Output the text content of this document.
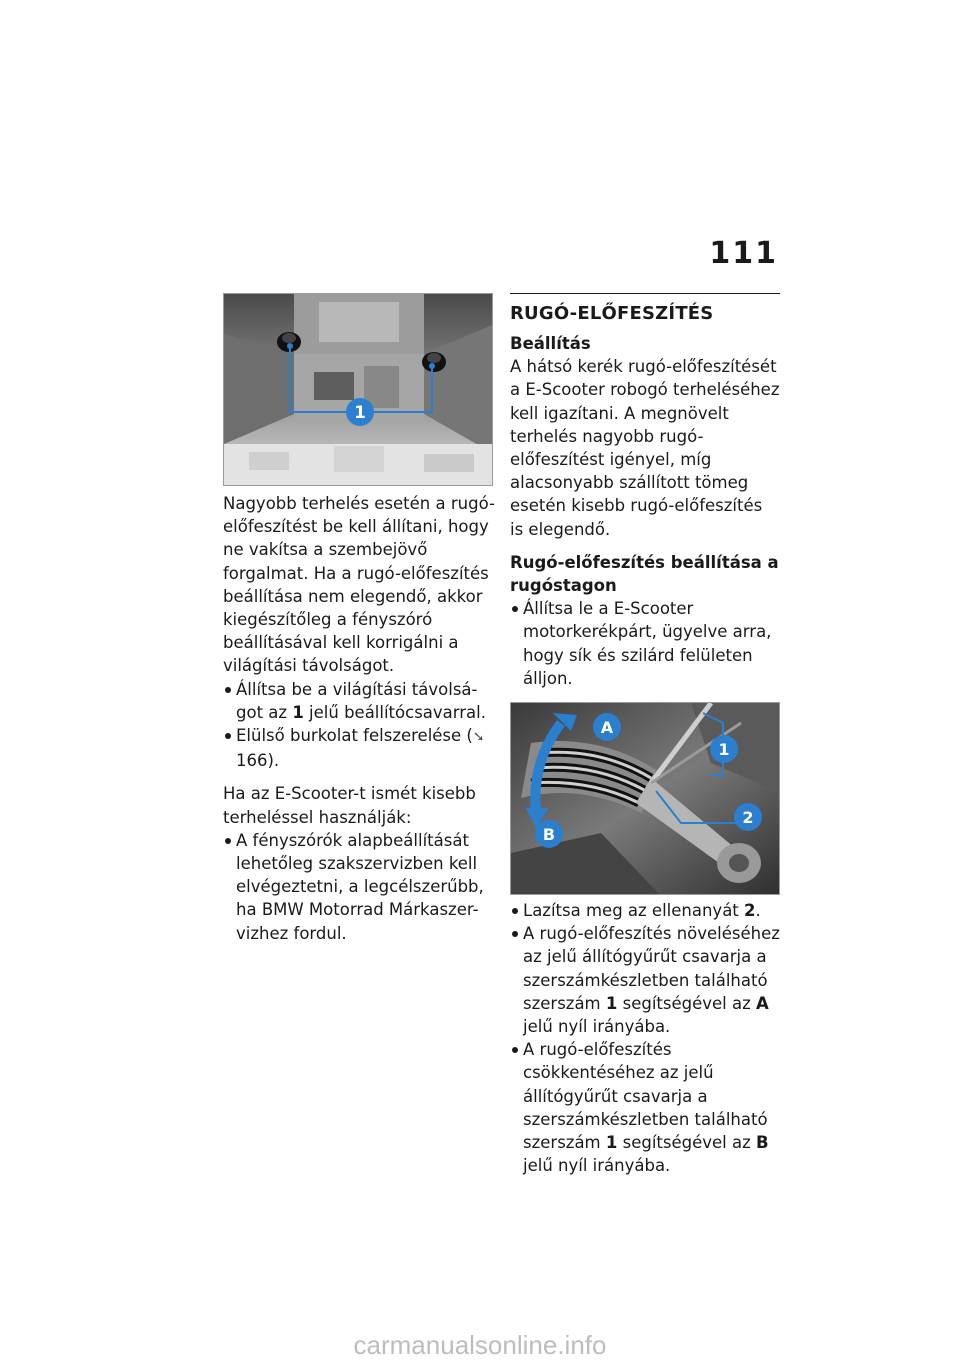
111
1

Nagyobb terhelés esetén a rugó-előfeszítést be kell állítani, hogy ne vakítsa a szembejövő forgalmat. Ha a rugó-előfeszítés beállítása nem elegendő, akkor kiegészítőleg a fényszóró beállításával kell korrigálni a világítási távolságot.

Állítsa be a világítási távolsá-got az 1 jelű beállítócsavarral.
Elülső burkolat felszerelése (➘ 166).

Ha az E-Scooter-t ismét kisebb terheléssel használják:

A fényszórók alapbeállítását lehetőleg szakszervizben kell elvégeztetni, a legcélszerűbb, ha BMW Motorrad Márkaszer-vizhez fordul.
RUGÓ-ELŐFESZÍTÉS
Beállítás

A hátsó kerék rugó-előfeszítését a E-Scooter robogó terheléséhez kell igazítani. A megnövelt terhelés nagyobb rugó-előfeszítést igényel, míg alacsonyabb szállított tömeg esetén kisebb rugó-előfeszítés is elegendő.

Rugó-előfeszítés beállítása a rugóstagon
Állítsa le a E-Scooter motorkerékpárt, ügyelve arra, hogy sík és szilárd felületen álljon.
A
B
1
2
Lazítsa meg az ellenanyát 2.
A rugó-előfeszítés növeléséhez az jelű állítógyűrűt csavarja a szerszámkészletben található szerszám 1 segítségével az A jelű nyíl irányába.
A rugó-előfeszítés csökkentéséhez az jelű állítógyűrűt csavarja a szerszámkészletben található szerszám 1 segítségével az B jelű nyíl irányába.
carmanualsonline.info
